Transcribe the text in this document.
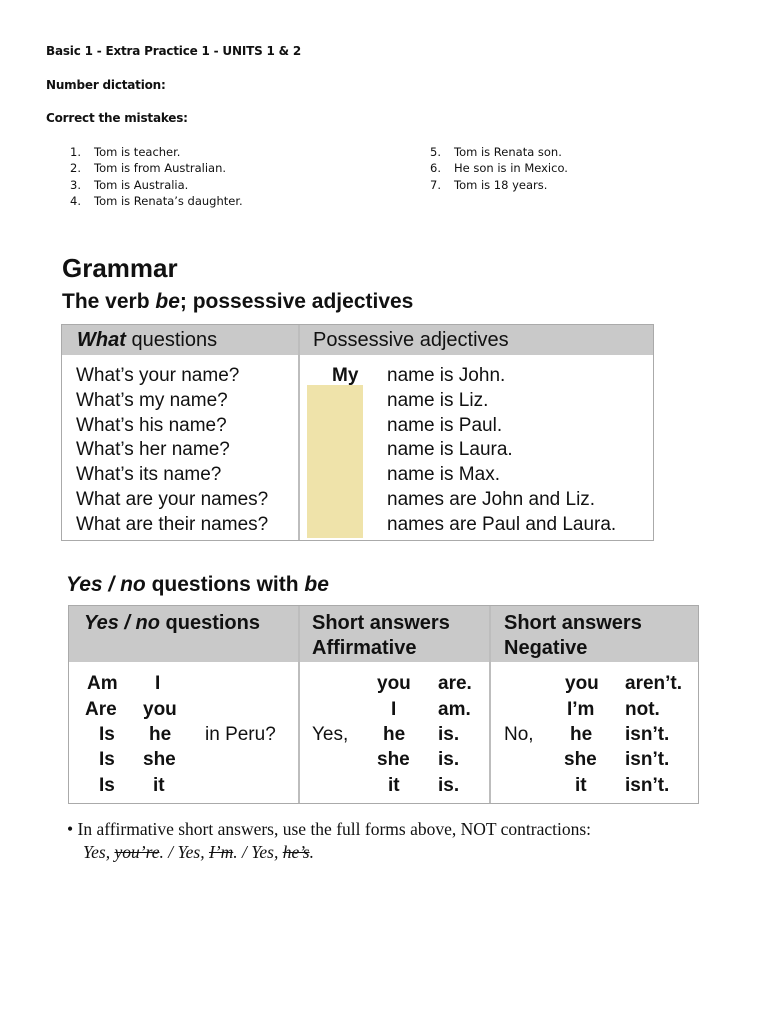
Basic 1 - Extra Practice 1 - UNITS 1 & 2
Number dictation:
Correct the mistakes:
1. Tom is teacher.
2. Tom is from Australian.
3. Tom is Australia.
4. Tom is Renata’s daughter.
5. Tom is Renata son.
6. He son is in Mexico.
7. Tom is 18 years.
Grammar
The verb be; possessive adjectives
What questions	Possessive adjectives
What’s your name?
What’s my name?
What’s his name?
What’s her name?
What’s its name?
What are your names?
What are their names?
My name is John.
name is Liz.
name is Paul.
name is Laura.
name is Max.
names are John and Liz.
names are Paul and Laura.
Yes / no questions with be
Yes / no questions	Short answers
Affirmative
Short answers
Negative
Am
Are
Is
Is
Is
I
you
he
she
it
in Peru? Yes,
you
I
he
she
it
are.
am.
is.
is.
is.
No,
you
I’m
he
she
it
aren’t.
not.
isn’t.
isn’t.
isn’t.
• In affirmative short answers, use the full forms above, NOT contractions:
Yes, you’re. / Yes, I’m. / Yes, he’s.
